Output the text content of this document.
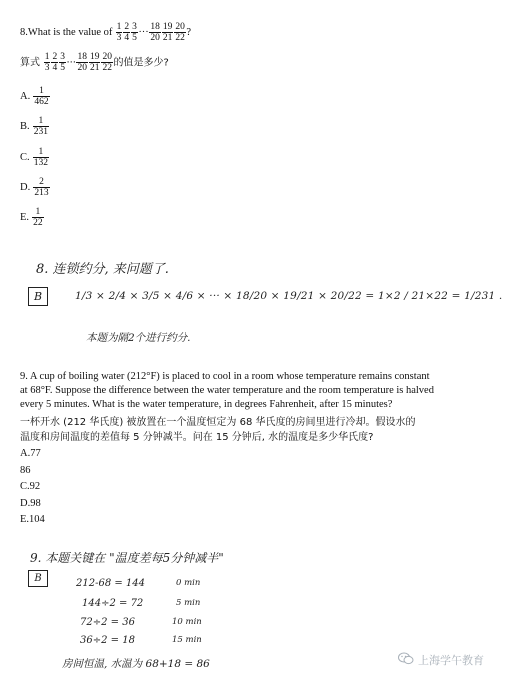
8.What is the value of $\frac{1}{3} \frac{2}{4} \frac{3}{5}$ ··· $\frac{18}{20} \frac{19}{21} \frac{20}{22}$ ?
算式 $\frac{1}{3} \frac{2}{4} \frac{3}{5}$ ··· $\frac{18}{20} \frac{19}{21} \frac{20}{22}$ 的值是多少?
A. $\frac{1}{462}$
B. $\frac{1}{231}$
C. $\frac{1}{132}$
D. $\frac{2}{213}$
E. $\frac{1}{22}$
8. 连锁约分, 来问题了.
B	1/3 × 2/4 × 3/5 × 4/6 × ··· × 18/20 × 19/21 × 20/22 = 1×2 / 21×22 = 1/231 .
本题为隔2个进行约分.
9. A cup of boiling water (212°F) is placed to cool in a room whose temperature remains constant
at 68°F. Suppose the difference between the water temperature and the room temperature is halved
every 5 minutes. What is the water temperature, in degrees Fahrenheit, after 15 minutes?
一杯开水 (212 华氏度) 被放置在一个温度恒定为 68 华氏度的房间里进行冷却。假设水的
温度和房间温度的差值每 5 分钟减半。问在 15 分钟后, 水的温度是多少华氏度?
A.77
86
C.92
D.98
E.104
9. 本题关键在 "温度差每5分钟减半"
B	212-68 = 144	0 min
144÷2 = 72	5 min
72÷2 = 36	10 min
36÷2 = 18	15 min
房间恒温, 水温为 68+18 = 86	上海学午教育
